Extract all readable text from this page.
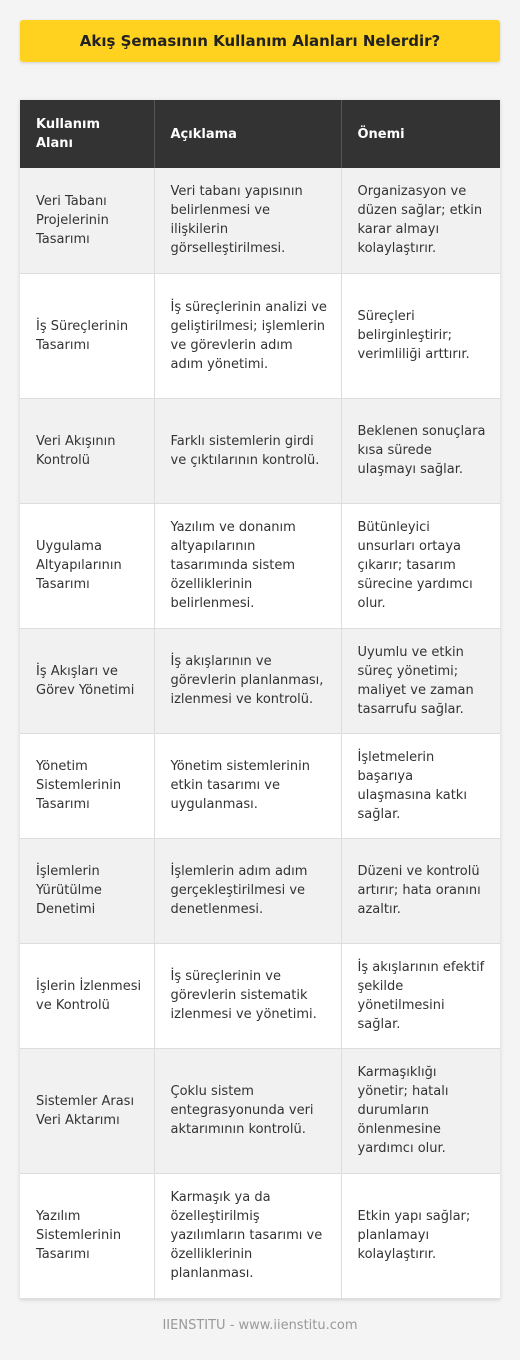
Akış Şemasının Kullanım Alanları Nelerdir?
Kullanım Alanı	Açıklama	Önemi
Veri Tabanı Projelerinin Tasarımı	Veri tabanı yapısının belirlenmesi ve ilişkilerin görselleştirilmesi.	Organizasyon ve düzen sağlar; etkin karar almayı kolaylaştırır.
İş Süreçlerinin Tasarımı	İş süreçlerinin analizi ve geliştirilmesi; işlemlerin ve görevlerin adım adım yönetimi.	Süreçleri belirginleştirir; verimliliği arttırır.
Veri Akışının Kontrolü	Farklı sistemlerin girdi ve çıktılarının kontrolü.	Beklenen sonuçlara kısa sürede ulaşmayı sağlar.
Uygulama Altyapılarının Tasarımı	Yazılım ve donanım altyapılarının tasarımında sistem özelliklerinin belirlenmesi.	Bütünleyici unsurları ortaya çıkarır; tasarım sürecine yardımcı olur.
İş Akışları ve Görev Yönetimi	İş akışlarının ve görevlerin planlanması, izlenmesi ve kontrolü.	Uyumlu ve etkin süreç yönetimi; maliyet ve zaman tasarrufu sağlar.
Yönetim Sistemlerinin Tasarımı	Yönetim sistemlerinin etkin tasarımı ve uygulanması.	İşletmelerin başarıya ulaşmasına katkı sağlar.
İşlemlerin Yürütülme Denetimi	İşlemlerin adım adım gerçekleştirilmesi ve denetlenmesi.	Düzeni ve kontrolü artırır; hata oranını azaltır.
İşlerin İzlenmesi ve Kontrolü	İş süreçlerinin ve görevlerin sistematik izlenmesi ve yönetimi.	İş akışlarının efektif şekilde yönetilmesini sağlar.
Sistemler Arası Veri Aktarımı	Çoklu sistem entegrasyonunda veri aktarımının kontrolü.	Karmaşıklığı yönetir; hatalı durumların önlenmesine yardımcı olur.
Yazılım Sistemlerinin Tasarımı	Karmaşık ya da özelleştirilmiş yazılımların tasarımı ve özelliklerinin planlanması.	Etkin yapı sağlar; planlamayı kolaylaştırır.
IIENSTITU - www.iienstitu.com
